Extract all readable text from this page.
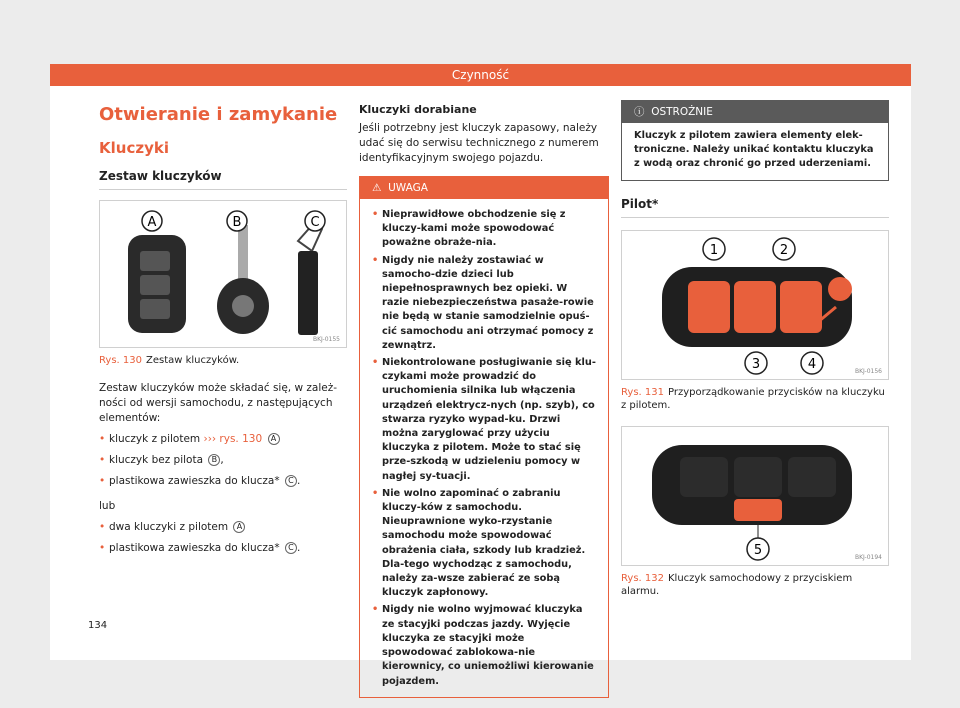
Czynność
Otwieranie i zamykanie
Kluczyki
Zestaw kluczyków
A	B	C
BKJ-0155
Rys. 130 Zestaw kluczyków.
Zestaw kluczyków może składać się, w zależ-ności od wersji samochodu, z następujących elementów:
• kluczyk z pilotem ››› rys. 130 A
• kluczyk bez pilota B ,
• plastikowa zawieszka do klucza* C .
lub
• dwa kluczyki z pilotem A
• plastikowa zawieszka do klucza* C .
Kluczyki dorabiane
Jeśli potrzebny jest kluczyk zapasowy, należy udać się do serwisu technicznego z numerem identyfikacyjnym swojego pojazdu.
⚠ UWAGA
• Nieprawidłowe obchodzenie się z kluczy-kami może spowodować poważne obraże-nia.
• Nigdy nie należy zostawiać w samocho-dzie dzieci lub niepełnosprawnych bez opieki. W razie niebezpieczeństwa pasaże-rowie nie będą w stanie samodzielnie opuś-cić samochodu ani otrzymać pomocy z zewnątrz.
• Niekontrolowane posługiwanie się klu-czykami może prowadzić do uruchomienia silnika lub włączenia urządzeń elektrycz-nych (np. szyb), co stwarza ryzyko wypad-ku. Drzwi można zaryglować przy użyciu kluczyka z pilotem. Może to stać się prze-szkodą w udzieleniu pomocy w nagłej sy-tuacji.
• Nie wolno zapominać o zabraniu kluczy-ków z samochodu. Nieuprawnione wyko-rzystanie samochodu może spowodować obrażenia ciała, szkody lub kradzież. Dla-tego wychodząc z samochodu, należy za-wsze zabierać ze sobą kluczyk zapłonowy.
• Nigdy nie wolno wyjmować kluczyka ze stacyjki podczas jazdy. Wyjęcie kluczyka ze stacyjki może spowodować zablokowa-nie kierownicy, co uniemożliwi kierowanie pojazdem.
ⓘ OSTROŻNIE
Kluczyk z pilotem zawiera elementy elek-troniczne. Należy unikać kontaktu kluczyka z wodą oraz chronić go przed uderzeniami.
Pilot*
1	2
3	4	BKJ-0156
Rys. 131 Przyporządkowanie przycisków na kluczyku z pilotem.
5	BKJ-0194
Rys. 132 Kluczyk samochodowy z przyciskiem alarmu.
134
